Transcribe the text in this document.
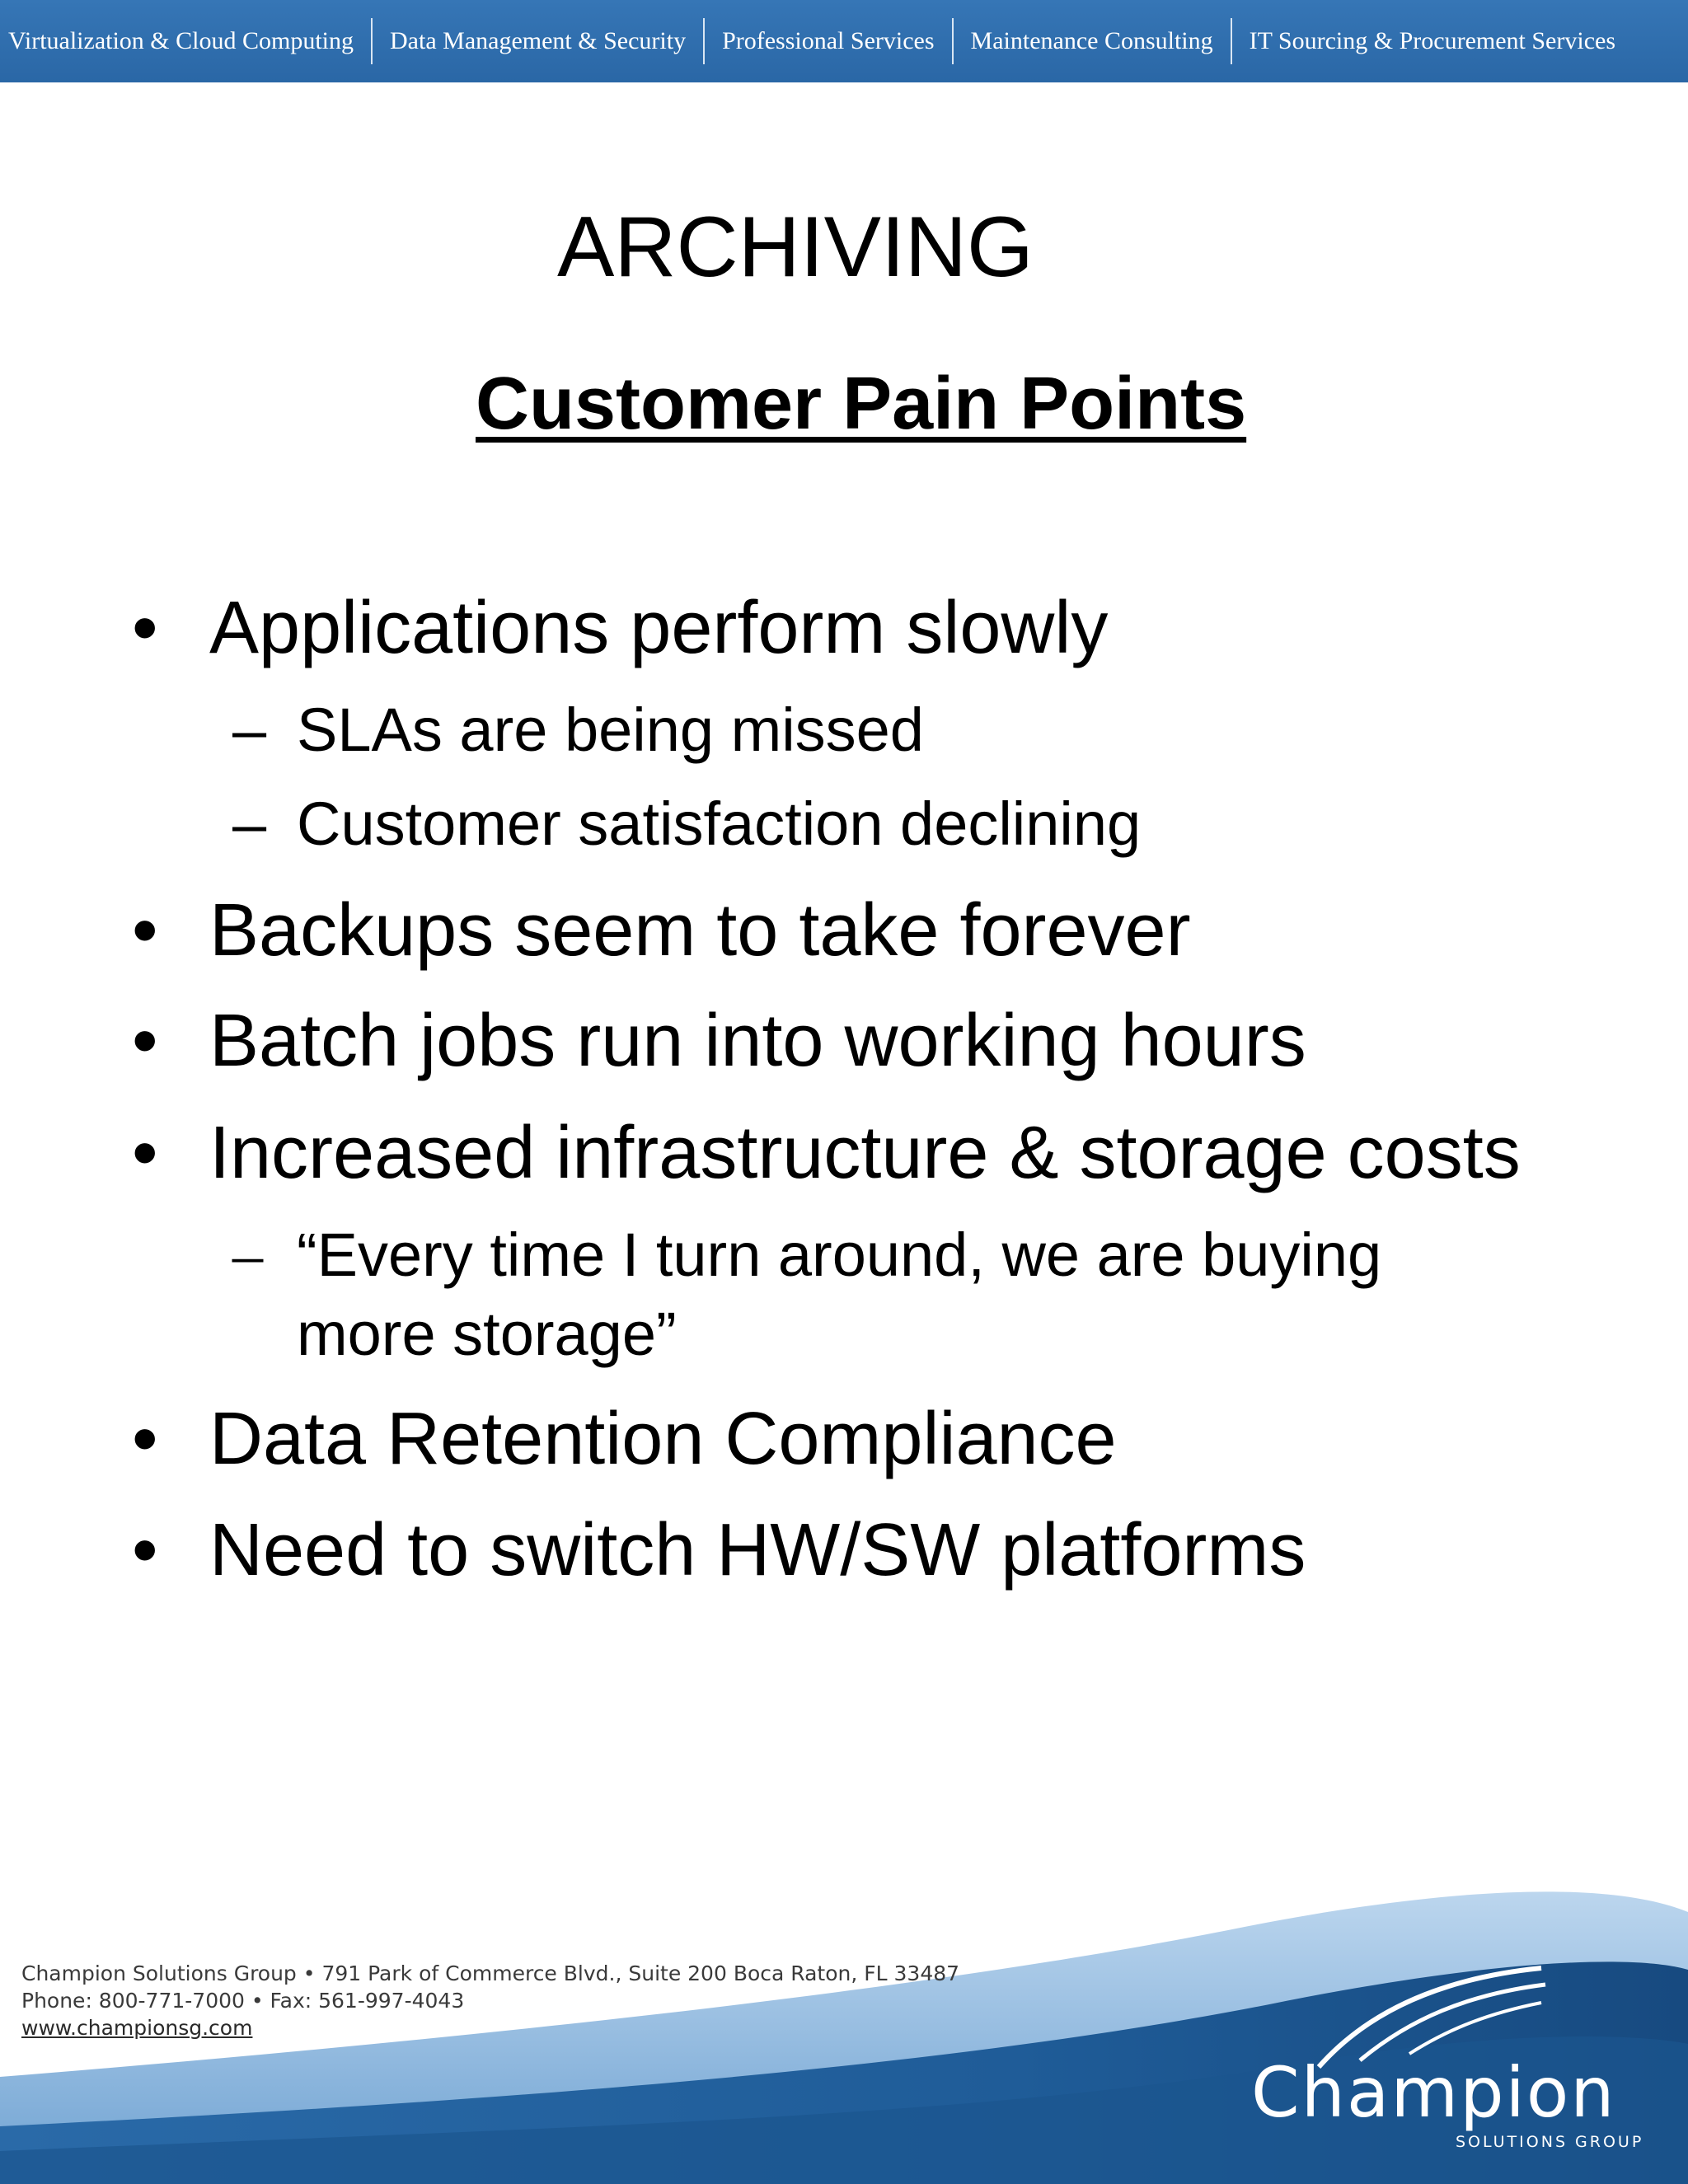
Virtualization & Cloud Computing Data Management & Security Professional Services Maintenance Consulting IT Sourcing & Procurement Services
ARCHIVING
Customer Pain Points
• Applications perform slowly
– SLAs are being missed
– Customer satisfaction declining
• Backups seem to take forever
• Batch jobs run into working hours
• Increased infrastructure & storage costs
– “Every time I turn around, we are buying
more storage”
• Data Retention Compliance
• Need to switch HW/SW platforms
Champion Solutions Group • 791 Park of Commerce Blvd., Suite 200 Boca Raton, FL 33487
Phone: 800-771-7000 • Fax: 561-997-4043
www.championsg.com
Champion
SOLUTIONS GROUP
